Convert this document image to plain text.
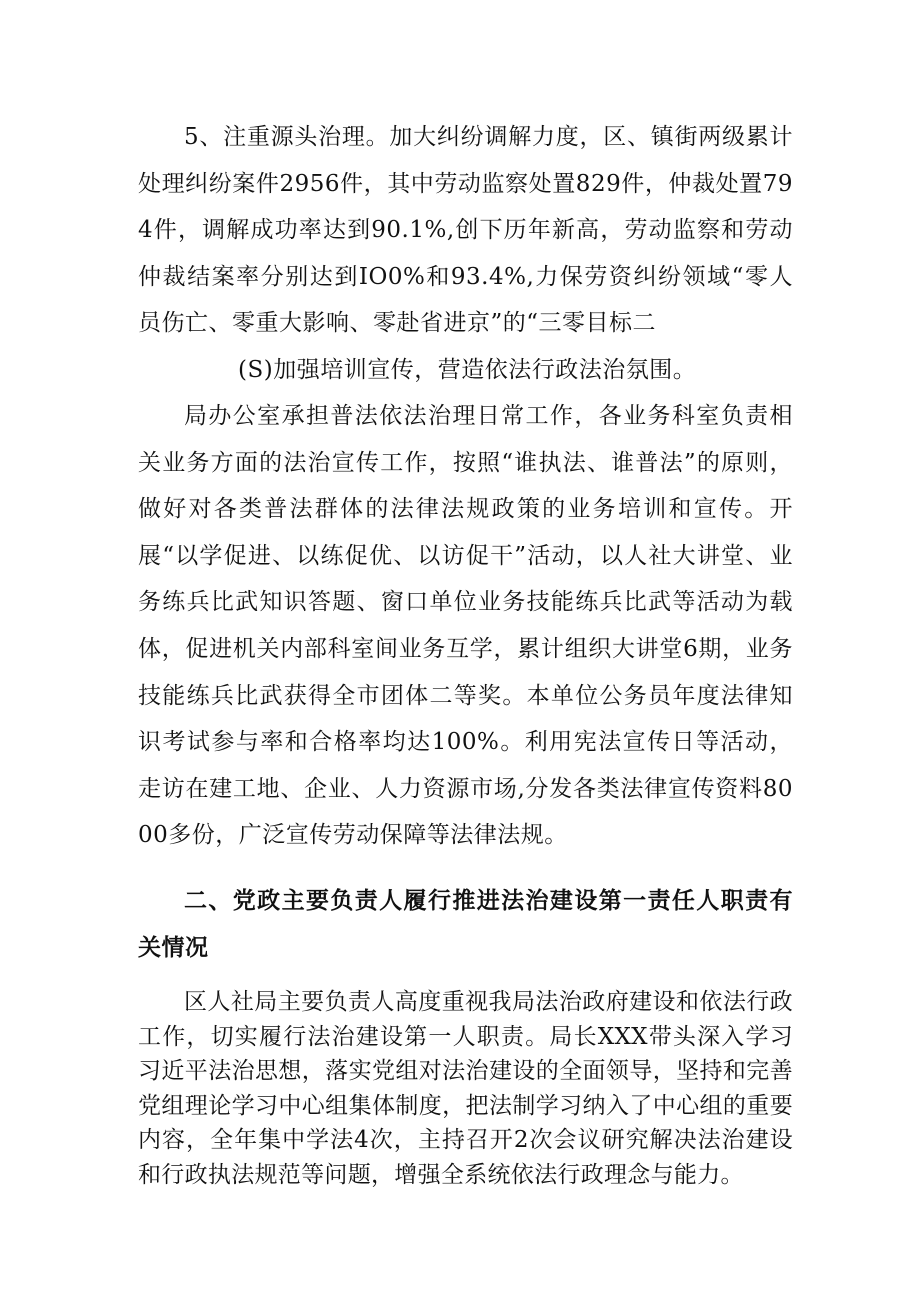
5、注重源头治理。加大纠纷调解力度，区、镇街两级累计处理纠纷案件2956件，其中劳动监察处置829件，仲裁处置794件，调解成功率达到90.1%,创下历年新高，劳动监察和劳动仲裁结案率分别达到IO0%和93.4%,力保劳资纠纷领域“零人员伤亡、零重大影响、零赴省进京”的“三零目标二

(S)加强培训宣传，营造依法行政法治氛围。

局办公室承担普法依法治理日常工作，各业务科室负责相关业务方面的法治宣传工作，按照“谁执法、谁普法”的原则，做好对各类普法群体的法律法规政策的业务培训和宣传。开展“以学促进、以练促优、以访促干”活动，以人社大讲堂、业务练兵比武知识答题、窗口单位业务技能练兵比武等活动为载体，促进机关内部科室间业务互学，累计组织大讲堂6期，业务技能练兵比武获得全市团体二等奖。本单位公务员年度法律知识考试参与率和合格率均达100%。利用宪法宣传日等活动，走访在建工地、企业、人力资源市场,分发各类法律宣传资料8000多份，广泛宣传劳动保障等法律法规。

二、党政主要负责人履行推进法治建设第一责任人职责有关情况

区人社局主要负责人高度重视我局法治政府建设和依法行政工作，切实履行法治建设第一人职责。局长XXX带头深入学习习近平法治思想，落实党组对法治建设的全面领导，坚持和完善党组理论学习中心组集体制度，把法制学习纳入了中心组的重要内容，全年集中学法4次，主持召开2次会议研究解决法治建设和行政执法规范等问题，增强全系统依法行政理念与能力。
